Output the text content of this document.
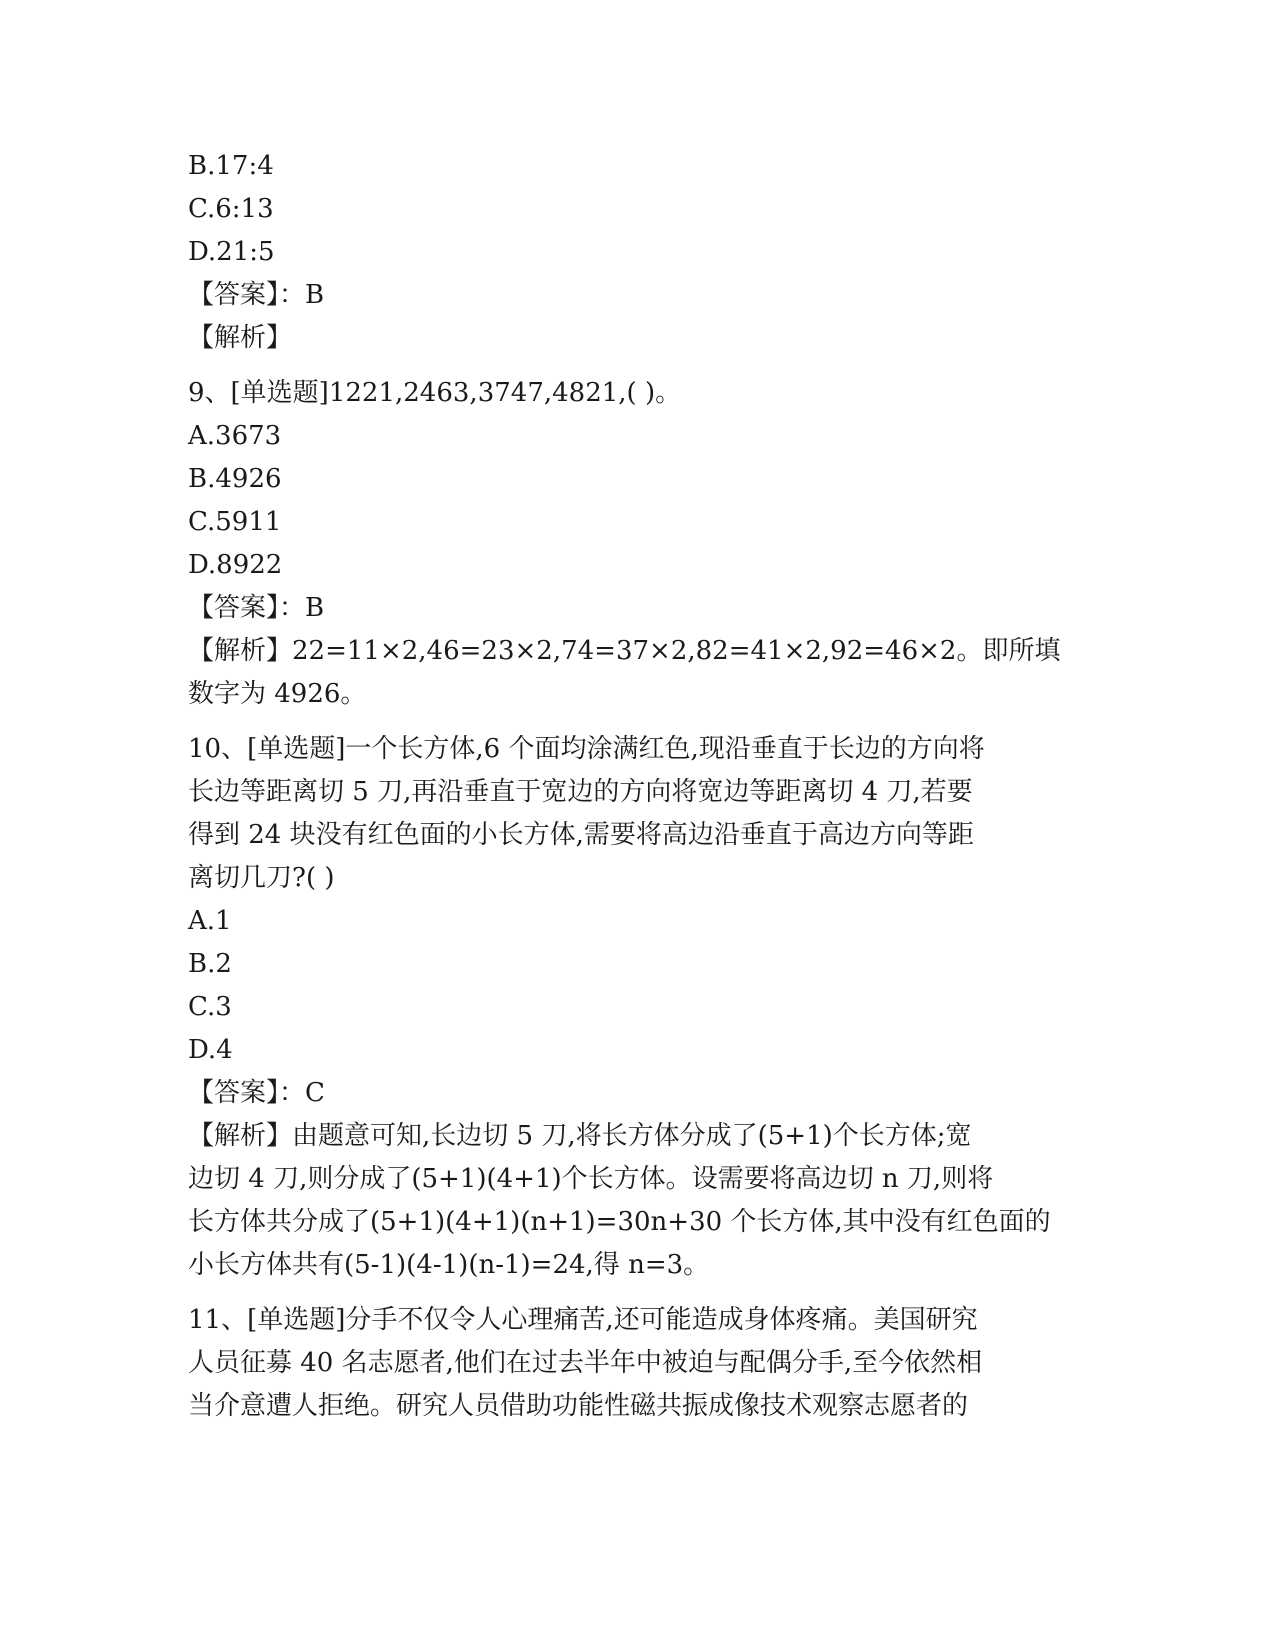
B.17:4
C.6:13
D.21:5
【答案】：B
【解析】
9、[单选题]1221,2463,3747,4821,( )。
A.3673
B.4926
C.5911
D.8922
【答案】：B
【解析】22=11×2,46=23×2,74=37×2,82=41×2,92=46×2。即所填
数字为 4926。
10、[单选题]一个长方体,6 个面均涂满红色,现沿垂直于长边的方向将
长边等距离切 5 刀,再沿垂直于宽边的方向将宽边等距离切 4 刀,若要
得到 24 块没有红色面的小长方体,需要将高边沿垂直于高边方向等距
离切几刀?( )
A.1
B.2
C.3
D.4
【答案】：C
【解析】由题意可知,长边切 5 刀,将长方体分成了(5+1)个长方体;宽
边切 4 刀,则分成了(5+1)(4+1)个长方体。设需要将高边切 n 刀,则将
长方体共分成了(5+1)(4+1)(n+1)=30n+30 个长方体,其中没有红色面的
小长方体共有(5-1)(4-1)(n-1)=24,得 n=3。
11、[单选题]分手不仅令人心理痛苦,还可能造成身体疼痛。美国研究
人员征募 40 名志愿者,他们在过去半年中被迫与配偶分手,至今依然相
当介意遭人拒绝。研究人员借助功能性磁共振成像技术观察志愿者的
